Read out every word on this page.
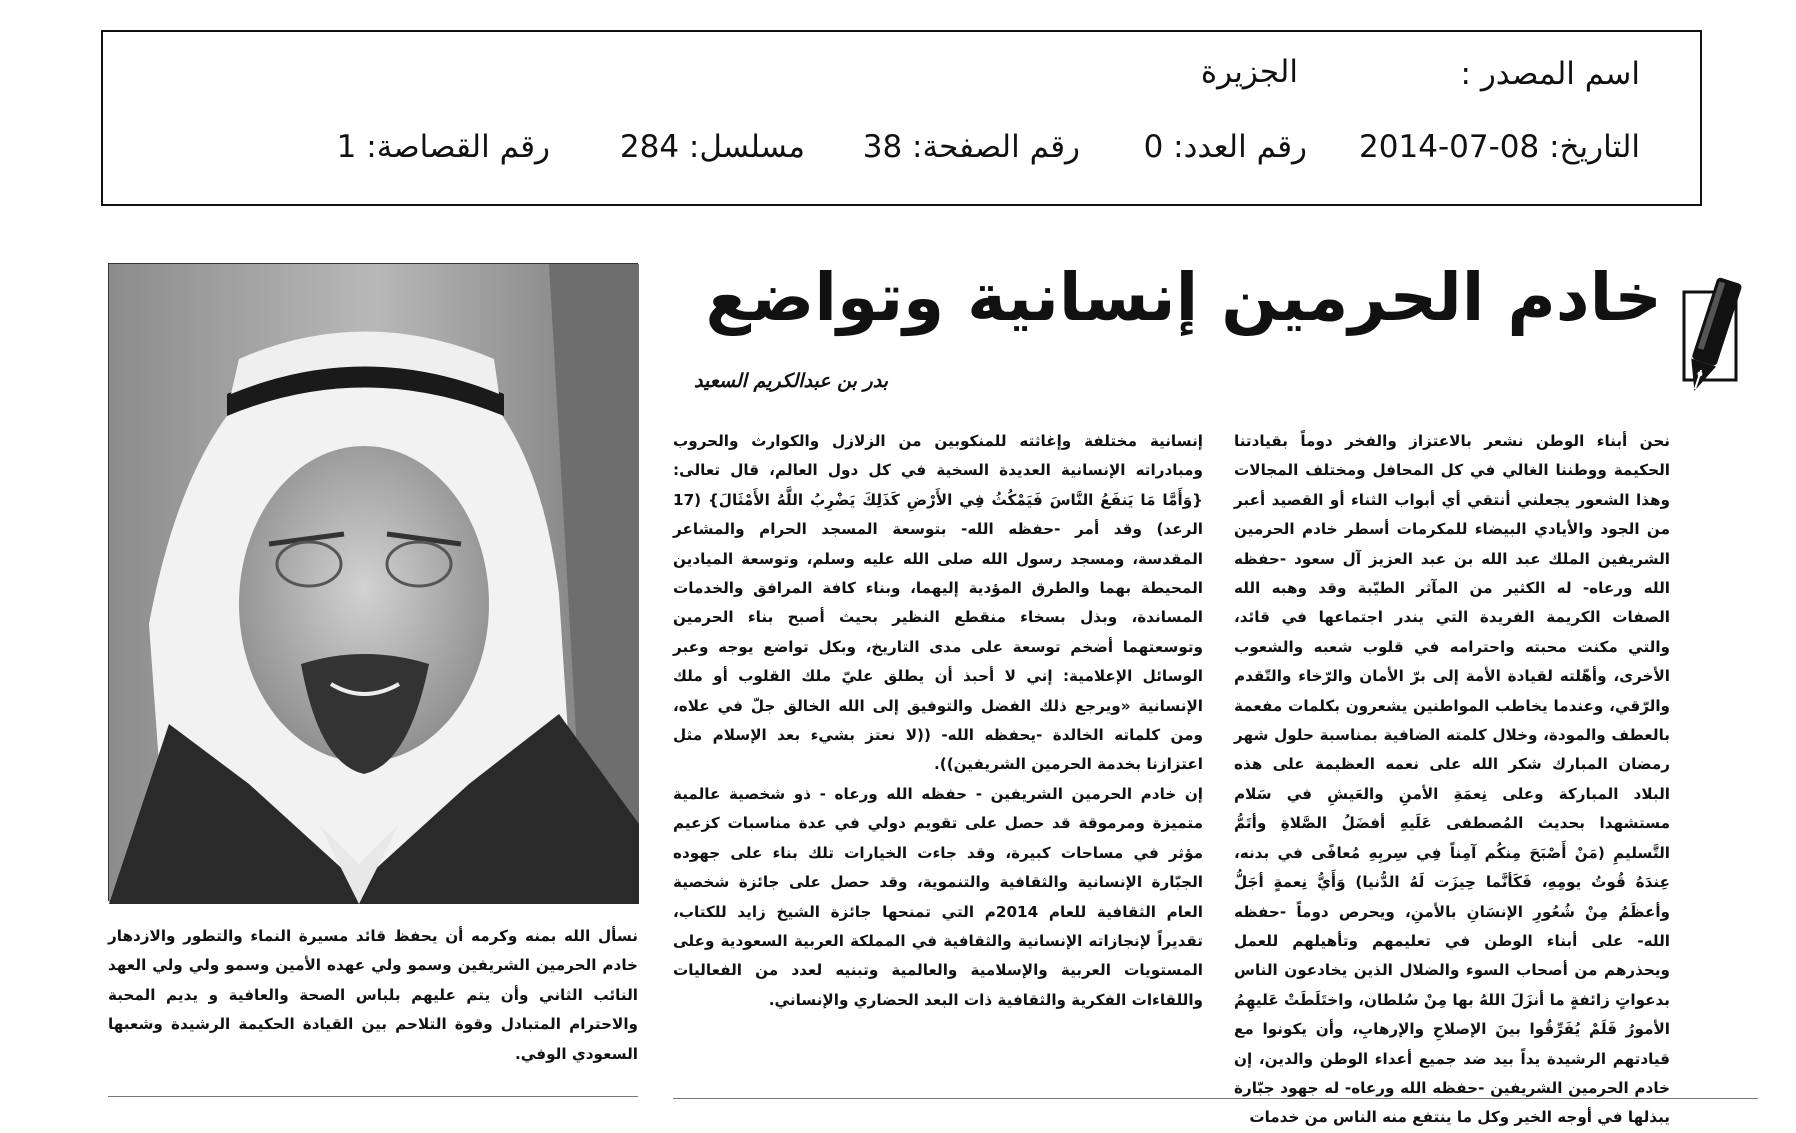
اسم المصدر :
الجزيرة
التاريخ: 08-07-2014
رقم العدد: 0
رقم الصفحة: 38
مسلسل: 284
رقم القصاصة: 1
خادم الحرمين إنسانية وتواضع
بدر بن عبدالكريم السعيد

نحن أبناء الوطن نشعر بالاعتزاز والفخر دوماً بقيادتنا الحكيمة ووطننا الغالي في كل المحافل ومختلف المجالات وهذا الشعور يجعلني أنتقي أي أبواب الثناء أو القصيد أعبر من الجود والأيادي البيضاء للمكرمات أسطر خادم الحرمين الشريفين الملك عبد الله بن عبد العزيز آل سعود -حفظه الله ورعاه- له الكثير من المآثر الطيّبة وقد وهبه الله الصفات الكريمة الفريدة التي يندر اجتماعها في قائد، والتي مكنت محبته واحترامه في قلوب شعبه والشعوب الأخرى، وأهّلته لقيادة الأمة إلى برّ الأمان والرّخاء والتّقدم والرّقي، وعندما يخاطب المواطنين يشعرون بكلمات مفعمة بالعطف والمودة، وخلال كلمته الضافية بمناسبة حلول شهر رمضان المبارك شكر الله على نعمه العظيمة على هذه البلاد المباركة وعلى نِعمَةِ الأمنِ والعَيشِ في سَلام مستشهدا بحديث المُصطفى عَلَيهِ أفضَلُ الصَّلاةِ وأتَمُّ التَّسليمِ (مَنْ أَصْبَحَ مِنكُم آمِناً فِي سِربِهِ مُعافًى في بدنه، عِندَهُ قُوتُ يومِهِ، فَكَأنَّما حِيزَت لَهُ الدُّنيا) وَأَيُّ نِعمةٍ أجَلُّ وأعظَمُ مِنْ شُعُورِ الإنسَانِ بالأمنِ، ويحرص دوماً -حفظه الله- على أبناء الوطن في تعليمهم وتأهيلهم للعمل ويحذرهم من أصحاب السوء والضلال الذين يخادعون الناس بدعواتٍ زائفةٍ ما أنزَلَ اللهُ بها مِنْ سُلطان، واختَلَطَتْ عَليهِمُ الأمورُ فَلَمْ يُفَرِّقُوا بينَ الإصلاحِ والإرهابِ، وأن يكونوا مع قيادتهم الرشيدة يداً بيد ضد جميع أعداء الوطن والدين، إن خادم الحرمين الشريفين -حفظه الله ورعاه- له جهود جبّارة يبذلها في أوجه الخير وكل ما ينتفع منه الناس من خدمات

إنسانية مختلفة وإغاثته للمنكوبين من الزلازل والكوارث والحروب ومبادراته الإنسانية العديدة السخية في كل دول العالم، قال تعالى: {وَأَمَّا مَا يَنفَعُ النَّاسَ فَيَمْكُثُ فِي الأَرْضِ كَذَلِكَ يَضْرِبُ اللَّهُ الأَمْثَالَ} (17 الرعد) وقد أمر -حفظه الله- بتوسعة المسجد الحرام والمشاعر المقدسة، ومسجد رسول الله صلى الله عليه وسلم، وتوسعة الميادين المحيطة بهما والطرق المؤدية إليهما، وبناء كافة المرافق والخدمات المساندة، وبذل بسخاء منقطع النظير بحيث أصبح بناء الحرمين وتوسعتهما أضخم توسعة على مدى التاريخ، وبكل تواضع يوجه وعبر الوسائل الإعلامية: إني لا أحبذ أن يطلق عليّ ملك القلوب أو ملك الإنسانية «ويرجع ذلك الفضل والتوفيق إلى الله الخالق جلّ في علاه، ومن كلماته الخالدة -يحفظه الله- ((لا نعتز بشيء بعد الإسلام مثل اعتزازنا بخدمة الحرمين الشريفين)).

إن خادم الحرمين الشريفين - حفظه الله ورعاه - ذو شخصية عالمية متميزة ومرموقة قد حصل على تقويم دولي في عدة مناسبات كزعيم مؤثر في مساحات كبيرة، وقد جاءت الخيارات تلك بناء على جهوده الجبّارة الإنسانية والثقافية والتنموية، وقد حصل على جائزة شخصية العام الثقافية للعام 2014م التي تمنحها جائزة الشيخ زايد للكتاب، تقديراً لإنجازاته الإنسانية والثقافية في المملكة العربية السعودية وعلى المستويات العربية والإسلامية والعالمية وتبنيه لعدد من الفعاليات واللقاءات الفكرية والثقافية ذات البعد الحضاري والإنساني.

نسأل الله بمنه وكرمه أن يحفظ قائد مسيرة النماء والتطور والازدهار خادم الحرمين الشريفين وسمو ولي عهده الأمين وسمو ولي ولي العهد النائب الثاني وأن يتم عليهم بلباس الصحة والعافية و يديم المحبة والاحترام المتبادل وقوة التلاحم بين القيادة الحكيمة الرشيدة وشعبها السعودي الوفي.
